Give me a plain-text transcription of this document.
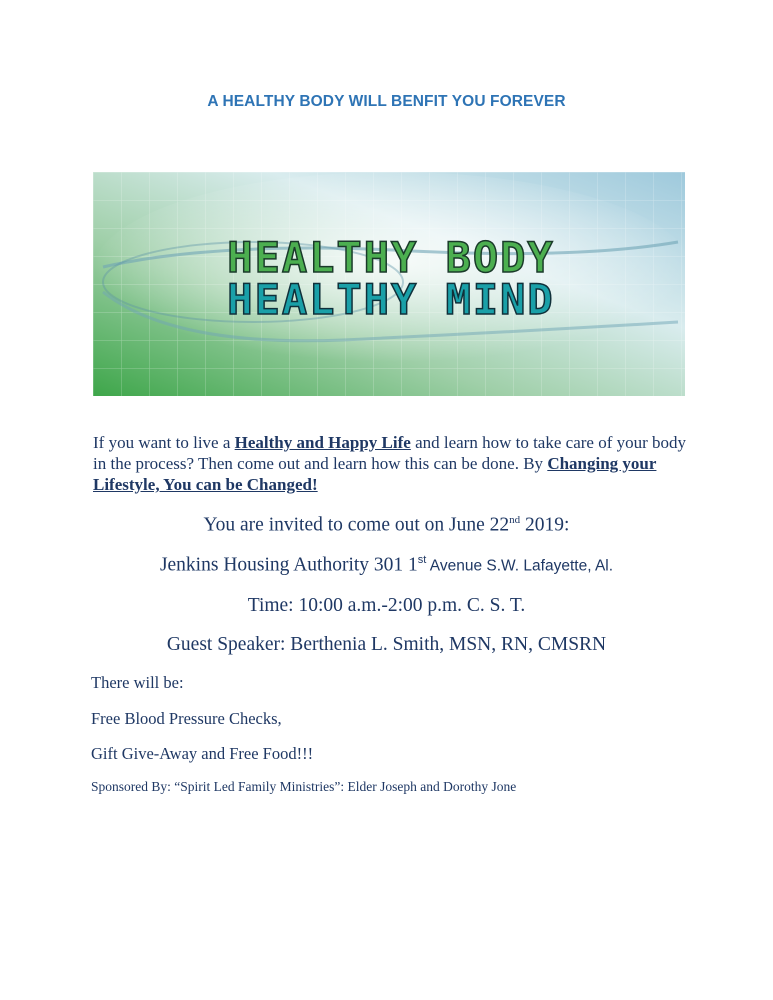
A HEALTHY BODY WILL BENFIT YOU FOREVER
HEALTHY BODY
HEALTHY MIND
If you want to live a Healthy and Happy Life and learn how to take care of your body in the process? Then come out and learn how this can be done. By Changing your Lifestyle, You can be Changed!
You are invited to come out on June 22nd 2019:
Jenkins Housing Authority 301 1st Avenue S.W. Lafayette, Al.
Time: 10:00 a.m.-2:00 p.m. C. S. T.
Guest Speaker: Berthenia L. Smith, MSN, RN, CMSRN
There will be:
Free Blood Pressure Checks,
Gift Give-Away and Free Food!!!
Sponsored By: “Spirit Led Family Ministries”: Elder Joseph and Dorothy Jone
